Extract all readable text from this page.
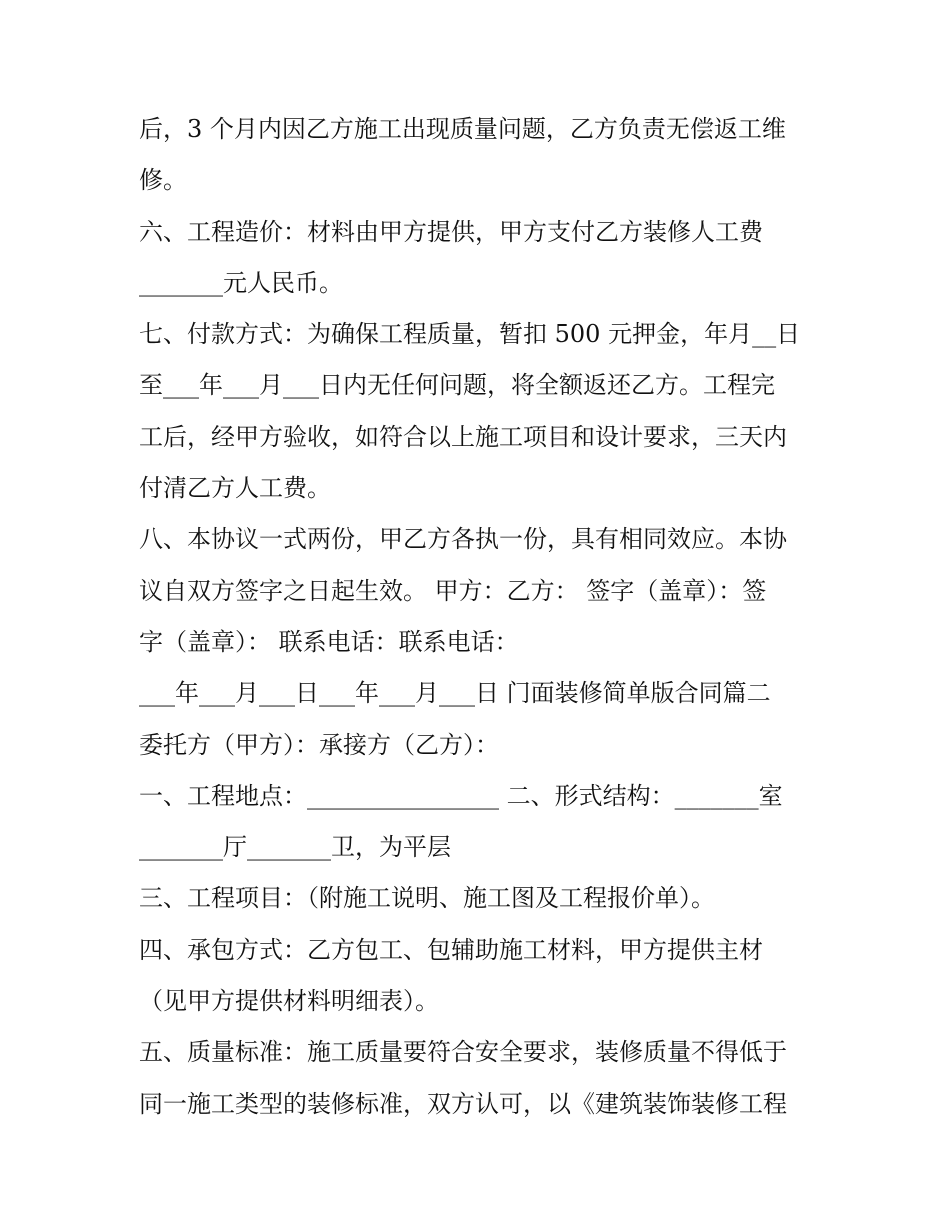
后，3 个月内因乙方施工出现质量问题，乙方负责无偿返工维
修。
六、工程造价：材料由甲方提供，甲方支付乙方装修人工费
_______元人民币。
七、付款方式：为确保工程质量，暂扣 500 元押金，年月__日
至___年___月___日内无任何问题，将全额返还乙方。工程完
工后，经甲方验收，如符合以上施工项目和设计要求，三天内
付清乙方人工费。
八、本协议一式两份，甲乙方各执一份，具有相同效应。本协
议自双方签字之日起生效。 甲方：乙方： 签字（盖章）：签
字（盖章）： 联系电话：联系电话：
___年___月___日___年___月___日 门面装修简单版合同篇二
委托方（甲方）：承接方（乙方）：
一、工程地点：________________ 二、形式结构：_______室
_______厅_______卫，为平层
三、工程项目：（附施工说明、施工图及工程报价单）。
四、承包方式：乙方包工、包辅助施工材料，甲方提供主材
（见甲方提供材料明细表）。
五、质量标准：施工质量要符合安全要求，装修质量不得低于
同一施工类型的装修标准，双方认可，以《建筑装饰装修工程
